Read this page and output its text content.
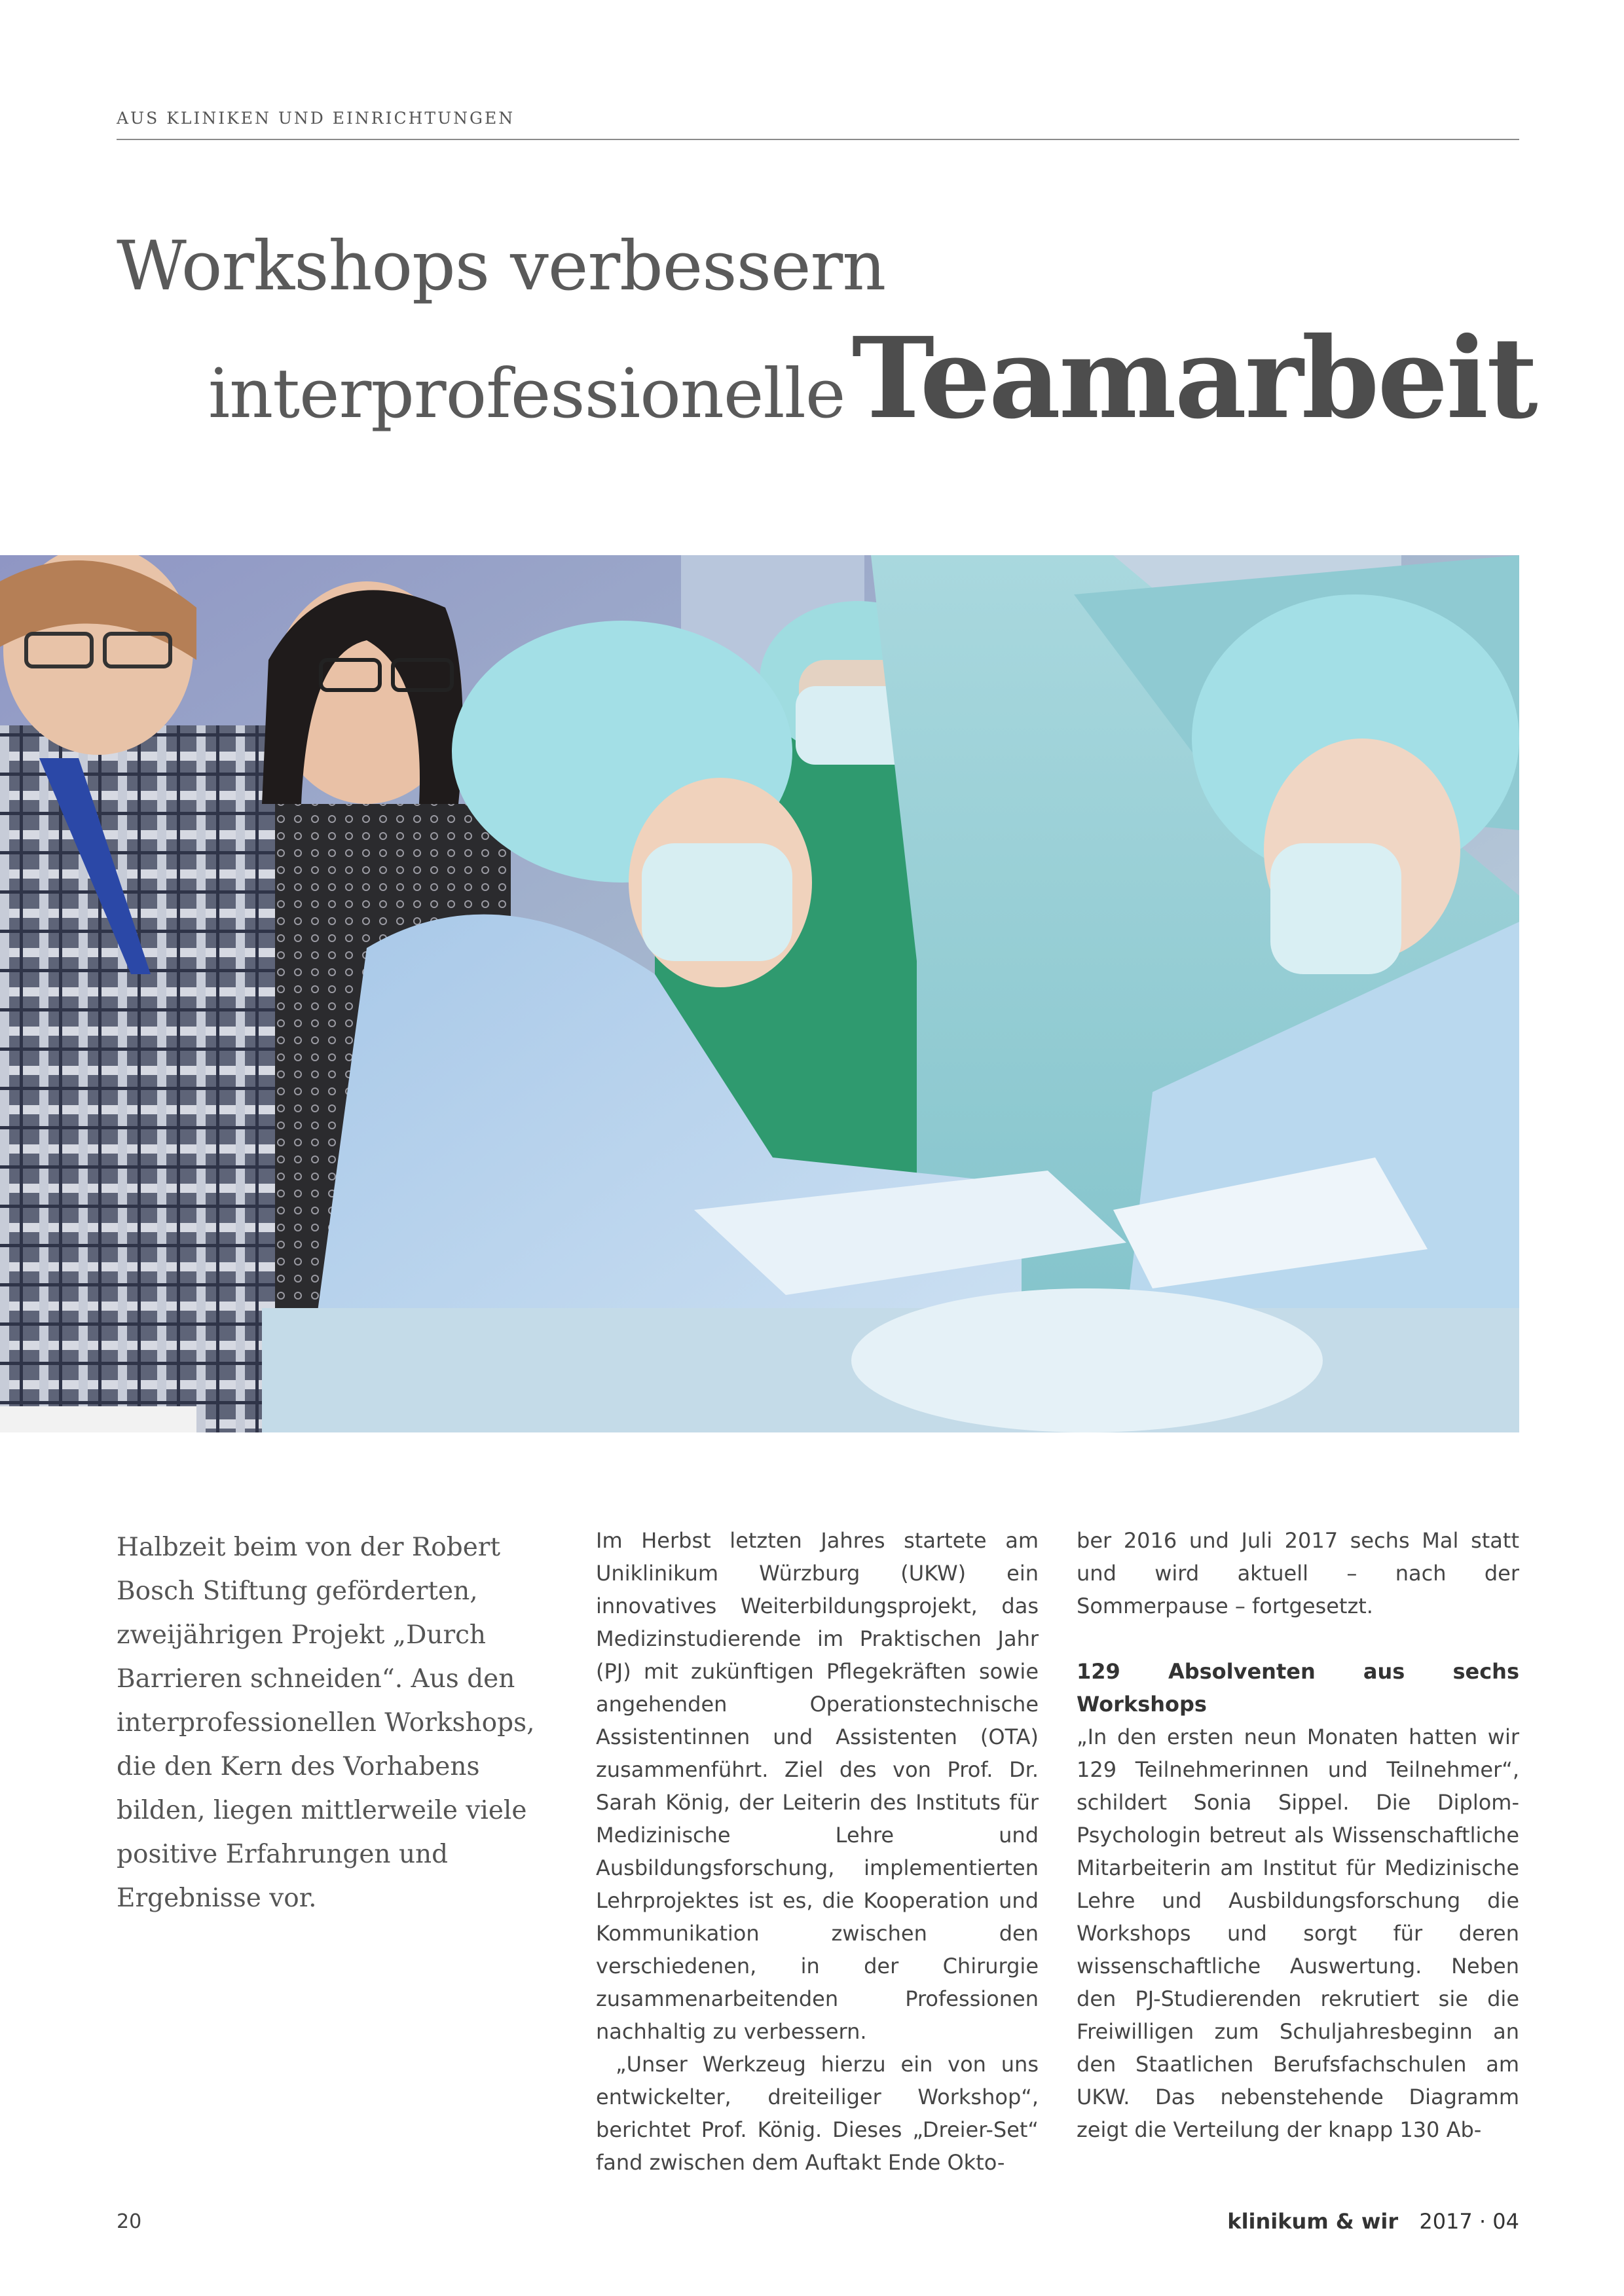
AUS KLINIKEN UND EINRICHTUNGEN
Workshops verbessern
interprofessionelle Teamarbeit

Halbzeit beim von der Robert Bosch Stiftung geförderten, zweijährigen Projekt „Durch Barrieren schneiden“. Aus den interprofessionellen Workshops, die den Kern des Vorhabens bilden, liegen mittlerweile viele positive Erfahrungen und Ergebnisse vor.

Im Herbst letzten Jahres startete am Uniklinikum Würzburg (UKW) ein innovatives Weiterbildungsprojekt, das Medizinstudierende im Praktischen Jahr (PJ) mit zukünftigen Pflegekräften sowie angehenden Operationstechnische Assistentinnen und Assistenten (OTA) zusammenführt. Ziel des von Prof. Dr. Sarah König, der Leiterin des Instituts für Medizinische Lehre und Ausbildungsforschung, implementierten Lehrprojektes ist es, die Kooperation und Kommunikation zwischen den verschiedenen, in der Chirurgie zusammenarbeitenden Professionen nachhaltig zu verbessern.

„Unser Werkzeug hierzu ein von uns entwickelter, dreiteiliger Workshop“, berichtet Prof. König. Dieses „Dreier-Set“ fand zwischen dem Auftakt Ende Okto-

ber 2016 und Juli 2017 sechs Mal statt und wird aktuell – nach der Sommerpause – fortgesetzt.

129 Absolventen aus sechs Workshops

„In den ersten neun Monaten hatten wir 129 Teilnehmerinnen und Teilnehmer“, schildert Sonia Sippel. Die Diplom-Psychologin betreut als Wissenschaftliche Mitarbeiterin am Institut für Medizinische Lehre und Ausbildungsforschung die Workshops und sorgt für deren wissenschaftliche Auswertung. Neben den PJ-Studierenden rekrutiert sie die Freiwilligen zum Schuljahresbeginn an den Staatlichen Berufsfachschulen am UKW. Das nebenstehende Diagramm zeigt die Verteilung der knapp 130 Ab-

20	klinikum & wir 2017 · 04
